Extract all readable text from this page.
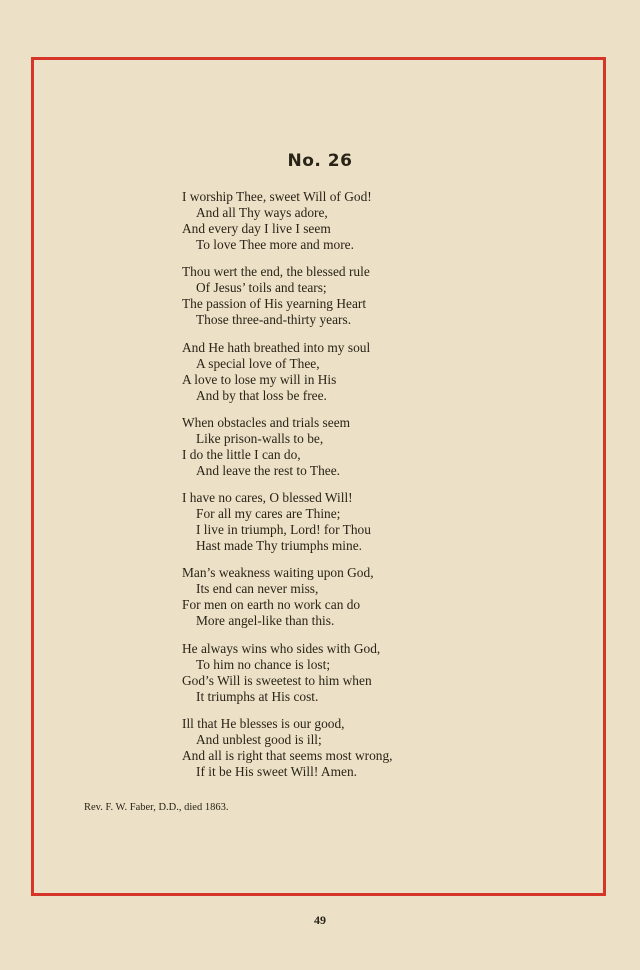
No. 26
I worship Thee, sweet Will of God!
And all Thy ways adore,
And every day I live I seem
To love Thee more and more.
Thou wert the end, the blessed rule
Of Jesus’ toils and tears;
The passion of His yearning Heart
Those three-and-thirty years.
And He hath breathed into my soul
A special love of Thee,
A love to lose my will in His
And by that loss be free.
When obstacles and trials seem
Like prison-walls to be,
I do the little I can do,
And leave the rest to Thee.
I have no cares, O blessed Will!
For all my cares are Thine;
I live in triumph, Lord! for Thou
Hast made Thy triumphs mine.
Man’s weakness waiting upon God,
Its end can never miss,
For men on earth no work can do
More angel-like than this.
He always wins who sides with God,
To him no chance is lost;
God’s Will is sweetest to him when
It triumphs at His cost.
Ill that He blesses is our good,
And unblest good is ill;
And all is right that seems most wrong,
If it be His sweet Will! Amen.
Rev. F. W. Faber, D.D., died 1863.
49
